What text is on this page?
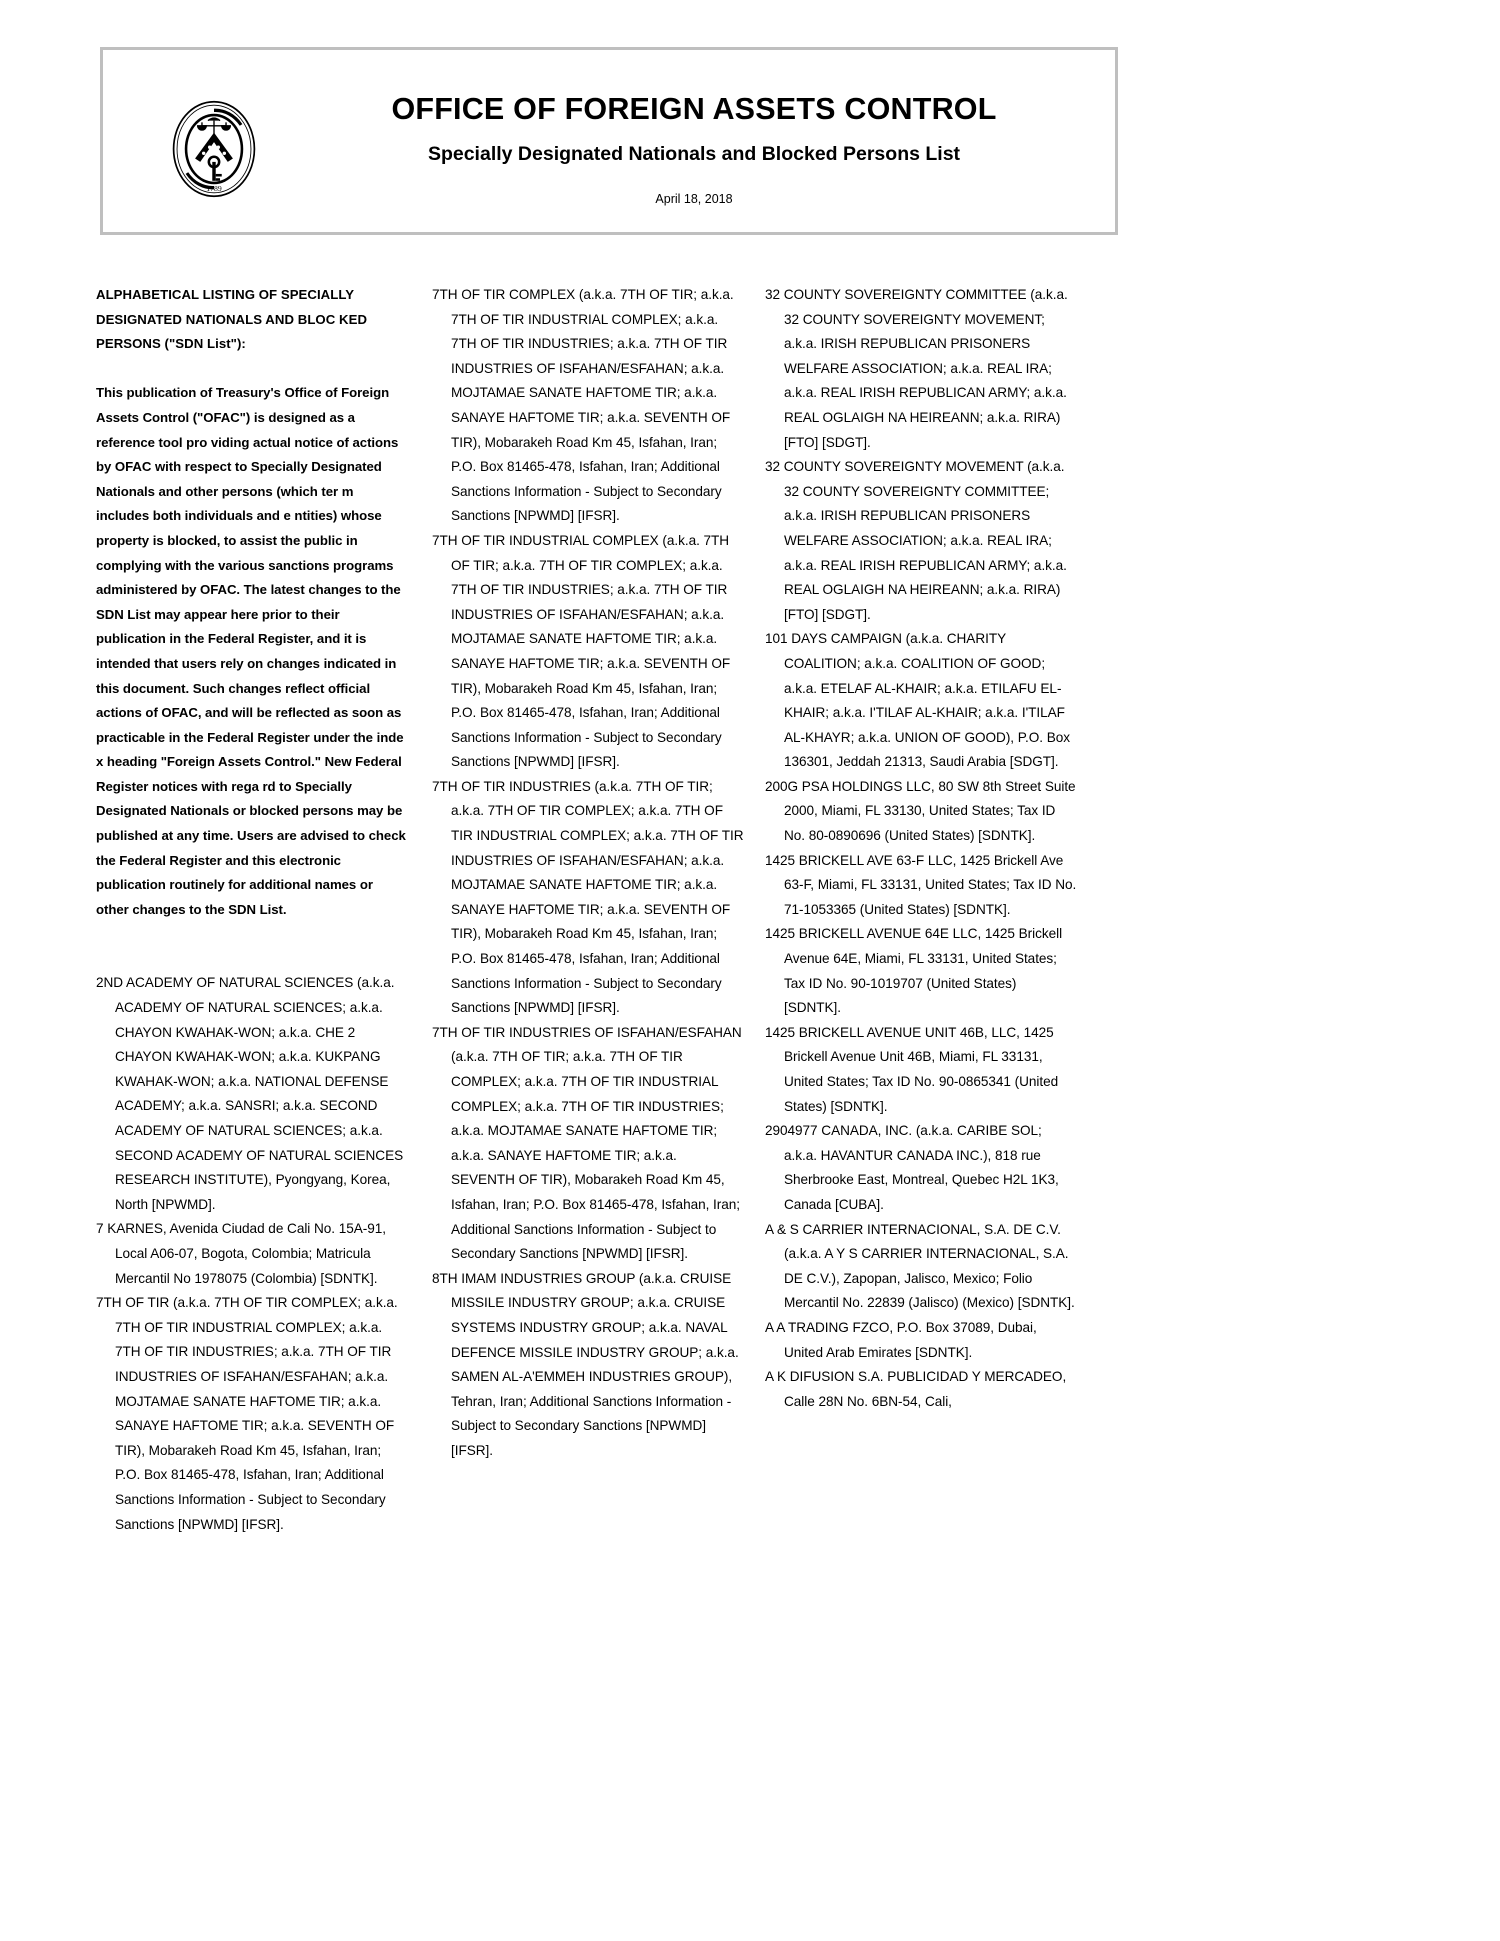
1789
OFFICE OF FOREIGN ASSETS CONTROL
Specially Designated Nationals and Blocked Persons List
April 18, 2018
ALPHABETICAL LISTING OF SPECIALLY DESIGNATED NATIONALS AND BLOC KED PERSONS ("SDN List"):
This publication of Treasury's Office of Foreign Assets Control ("OFAC") is designed as a reference tool pro viding actual notice of actions by OFAC with respect to Specially Designated Nationals and other persons (which ter m includes both individuals and e ntities) whose property is blocked, to assist the public in complying with the various sanctions programs administered by OFAC. The latest changes to the SDN List may appear here prior to their publication in the Federal Register, and it is intended that users rely on changes indicated in this document. Such changes reflect official actions of OFAC, and will be reflected as soon as practicable in the Federal Register under the inde x heading "Foreign Assets Control." New Federal Register notices with rega rd to Specially Designated Nationals or blocked persons may be published at any time. Users are advised to check the Federal Register and this electronic publication routinely for additional names or other changes to the SDN List.
2ND ACADEMY OF NATURAL SCIENCES (a.k.a. ACADEMY OF NATURAL SCIENCES; a.k.a. CHAYON KWAHAK-WON; a.k.a. CHE 2 CHAYON KWAHAK-WON; a.k.a. KUKPANG KWAHAK-WON; a.k.a. NATIONAL DEFENSE ACADEMY; a.k.a. SANSRI; a.k.a. SECOND ACADEMY OF NATURAL SCIENCES; a.k.a. SECOND ACADEMY OF NATURAL SCIENCES RESEARCH INSTITUTE), Pyongyang, Korea, North [NPWMD].
7 KARNES, Avenida Ciudad de Cali No. 15A-91, Local A06-07, Bogota, Colombia; Matricula Mercantil No 1978075 (Colombia) [SDNTK].
7TH OF TIR (a.k.a. 7TH OF TIR COMPLEX; a.k.a. 7TH OF TIR INDUSTRIAL COMPLEX; a.k.a. 7TH OF TIR INDUSTRIES; a.k.a. 7TH OF TIR INDUSTRIES OF ISFAHAN/ESFAHAN; a.k.a. MOJTAMAE SANATE HAFTOME TIR; a.k.a. SANAYE HAFTOME TIR; a.k.a. SEVENTH OF TIR), Mobarakeh Road Km 45, Isfahan, Iran; P.O. Box 81465-478, Isfahan, Iran; Additional Sanctions Information - Subject to Secondary Sanctions [NPWMD] [IFSR].
7TH OF TIR COMPLEX (a.k.a. 7TH OF TIR; a.k.a. 7TH OF TIR INDUSTRIAL COMPLEX; a.k.a. 7TH OF TIR INDUSTRIES; a.k.a. 7TH OF TIR INDUSTRIES OF ISFAHAN/ESFAHAN; a.k.a. MOJTAMAE SANATE HAFTOME TIR; a.k.a. SANAYE HAFTOME TIR; a.k.a. SEVENTH OF TIR), Mobarakeh Road Km 45, Isfahan, Iran; P.O. Box 81465-478, Isfahan, Iran; Additional Sanctions Information - Subject to Secondary Sanctions [NPWMD] [IFSR].
7TH OF TIR INDUSTRIAL COMPLEX (a.k.a. 7TH OF TIR; a.k.a. 7TH OF TIR COMPLEX; a.k.a. 7TH OF TIR INDUSTRIES; a.k.a. 7TH OF TIR INDUSTRIES OF ISFAHAN/ESFAHAN; a.k.a. MOJTAMAE SANATE HAFTOME TIR; a.k.a. SANAYE HAFTOME TIR; a.k.a. SEVENTH OF TIR), Mobarakeh Road Km 45, Isfahan, Iran; P.O. Box 81465-478, Isfahan, Iran; Additional Sanctions Information - Subject to Secondary Sanctions [NPWMD] [IFSR].
7TH OF TIR INDUSTRIES (a.k.a. 7TH OF TIR; a.k.a. 7TH OF TIR COMPLEX; a.k.a. 7TH OF TIR INDUSTRIAL COMPLEX; a.k.a. 7TH OF TIR INDUSTRIES OF ISFAHAN/ESFAHAN; a.k.a. MOJTAMAE SANATE HAFTOME TIR; a.k.a. SANAYE HAFTOME TIR; a.k.a. SEVENTH OF TIR), Mobarakeh Road Km 45, Isfahan, Iran; P.O. Box 81465-478, Isfahan, Iran; Additional Sanctions Information - Subject to Secondary Sanctions [NPWMD] [IFSR].
7TH OF TIR INDUSTRIES OF ISFAHAN/ESFAHAN (a.k.a. 7TH OF TIR; a.k.a. 7TH OF TIR COMPLEX; a.k.a. 7TH OF TIR INDUSTRIAL COMPLEX; a.k.a. 7TH OF TIR INDUSTRIES; a.k.a. MOJTAMAE SANATE HAFTOME TIR; a.k.a. SANAYE HAFTOME TIR; a.k.a. SEVENTH OF TIR), Mobarakeh Road Km 45, Isfahan, Iran; P.O. Box 81465-478, Isfahan, Iran; Additional Sanctions Information - Subject to Secondary Sanctions [NPWMD] [IFSR].
8TH IMAM INDUSTRIES GROUP (a.k.a. CRUISE MISSILE INDUSTRY GROUP; a.k.a. CRUISE SYSTEMS INDUSTRY GROUP; a.k.a. NAVAL DEFENCE MISSILE INDUSTRY GROUP; a.k.a. SAMEN AL-A'EMMEH INDUSTRIES GROUP), Tehran, Iran; Additional Sanctions Information - Subject to Secondary Sanctions [NPWMD] [IFSR].
32 COUNTY SOVEREIGNTY COMMITTEE (a.k.a. 32 COUNTY SOVEREIGNTY MOVEMENT; a.k.a. IRISH REPUBLICAN PRISONERS WELFARE ASSOCIATION; a.k.a. REAL IRA; a.k.a. REAL IRISH REPUBLICAN ARMY; a.k.a. REAL OGLAIGH NA HEIREANN; a.k.a. RIRA) [FTO] [SDGT].
32 COUNTY SOVEREIGNTY MOVEMENT (a.k.a. 32 COUNTY SOVEREIGNTY COMMITTEE; a.k.a. IRISH REPUBLICAN PRISONERS WELFARE ASSOCIATION; a.k.a. REAL IRA; a.k.a. REAL IRISH REPUBLICAN ARMY; a.k.a. REAL OGLAIGH NA HEIREANN; a.k.a. RIRA) [FTO] [SDGT].
101 DAYS CAMPAIGN (a.k.a. CHARITY COALITION; a.k.a. COALITION OF GOOD; a.k.a. ETELAF AL-KHAIR; a.k.a. ETILAFU EL-KHAIR; a.k.a. I'TILAF AL-KHAIR; a.k.a. I'TILAF AL-KHAYR; a.k.a. UNION OF GOOD), P.O. Box 136301, Jeddah 21313, Saudi Arabia [SDGT].
200G PSA HOLDINGS LLC, 80 SW 8th Street Suite 2000, Miami, FL 33130, United States; Tax ID No. 80-0890696 (United States) [SDNTK].
1425 BRICKELL AVE 63-F LLC, 1425 Brickell Ave 63-F, Miami, FL 33131, United States; Tax ID No. 71-1053365 (United States) [SDNTK].
1425 BRICKELL AVENUE 64E LLC, 1425 Brickell Avenue 64E, Miami, FL 33131, United States; Tax ID No. 90-1019707 (United States) [SDNTK].
1425 BRICKELL AVENUE UNIT 46B, LLC, 1425 Brickell Avenue Unit 46B, Miami, FL 33131, United States; Tax ID No. 90-0865341 (United States) [SDNTK].
2904977 CANADA, INC. (a.k.a. CARIBE SOL; a.k.a. HAVANTUR CANADA INC.), 818 rue Sherbrooke East, Montreal, Quebec H2L 1K3, Canada [CUBA].
A & S CARRIER INTERNACIONAL, S.A. DE C.V. (a.k.a. A Y S CARRIER INTERNACIONAL, S.A. DE C.V.), Zapopan, Jalisco, Mexico; Folio Mercantil No. 22839 (Jalisco) (Mexico) [SDNTK].
A A TRADING FZCO, P.O. Box 37089, Dubai, United Arab Emirates [SDNTK].
A K DIFUSION S.A. PUBLICIDAD Y MERCADEO, Calle 28N No. 6BN-54, Cali,
